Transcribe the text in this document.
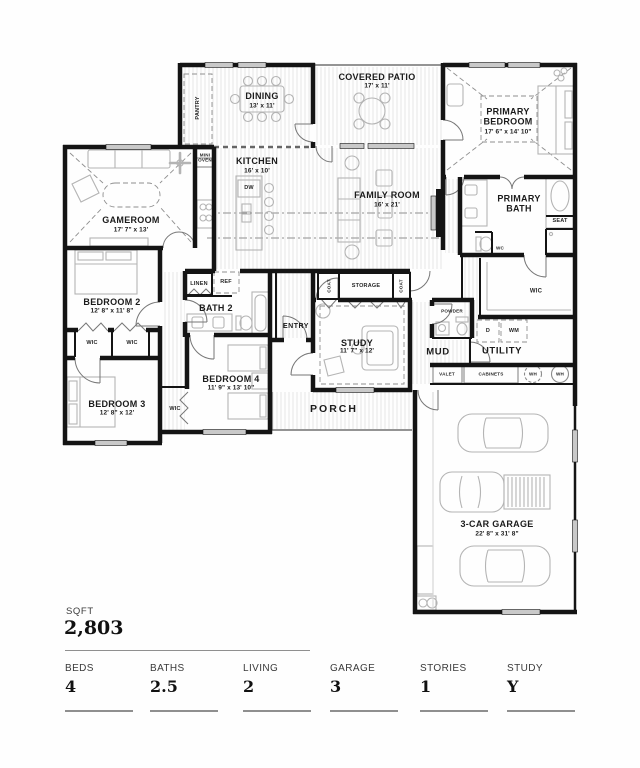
DINING
13' x 11'
KITCHEN
16' x 10'
COVERED PATIO
17' x 11'
PRIMARY BEDROOM
17' 6" x 14' 10"
FAMILY ROOM
16' x 21'
GAMEROOM
17' 7" x 13'
PRIMARY BATH
BEDROOM 2
12' 8" x 11' 8"	BATH 2
BEDROOM 3
12' 8" x 12'
BEDROOM 4
11' 9" x 13' 10"
STUDY
11' 7" x 12'
ENTRY
MUD	UTILITY
PORCH
3-CAR GARAGE
22' 8" x 31' 8"
PANTRY
MINI OVEN
DW
REF
LINEN
WIC	WIC
WIC
WIC
SEAT
WC
COAT	COAT
STORAGE
POWDER
D	WM
VALET	CABINETS	WH	WH
SQFT
2,803
BEDS
4
BATHS
2.5
LIVING
2
GARAGE
3
STORIES
1
STUDY
Y
